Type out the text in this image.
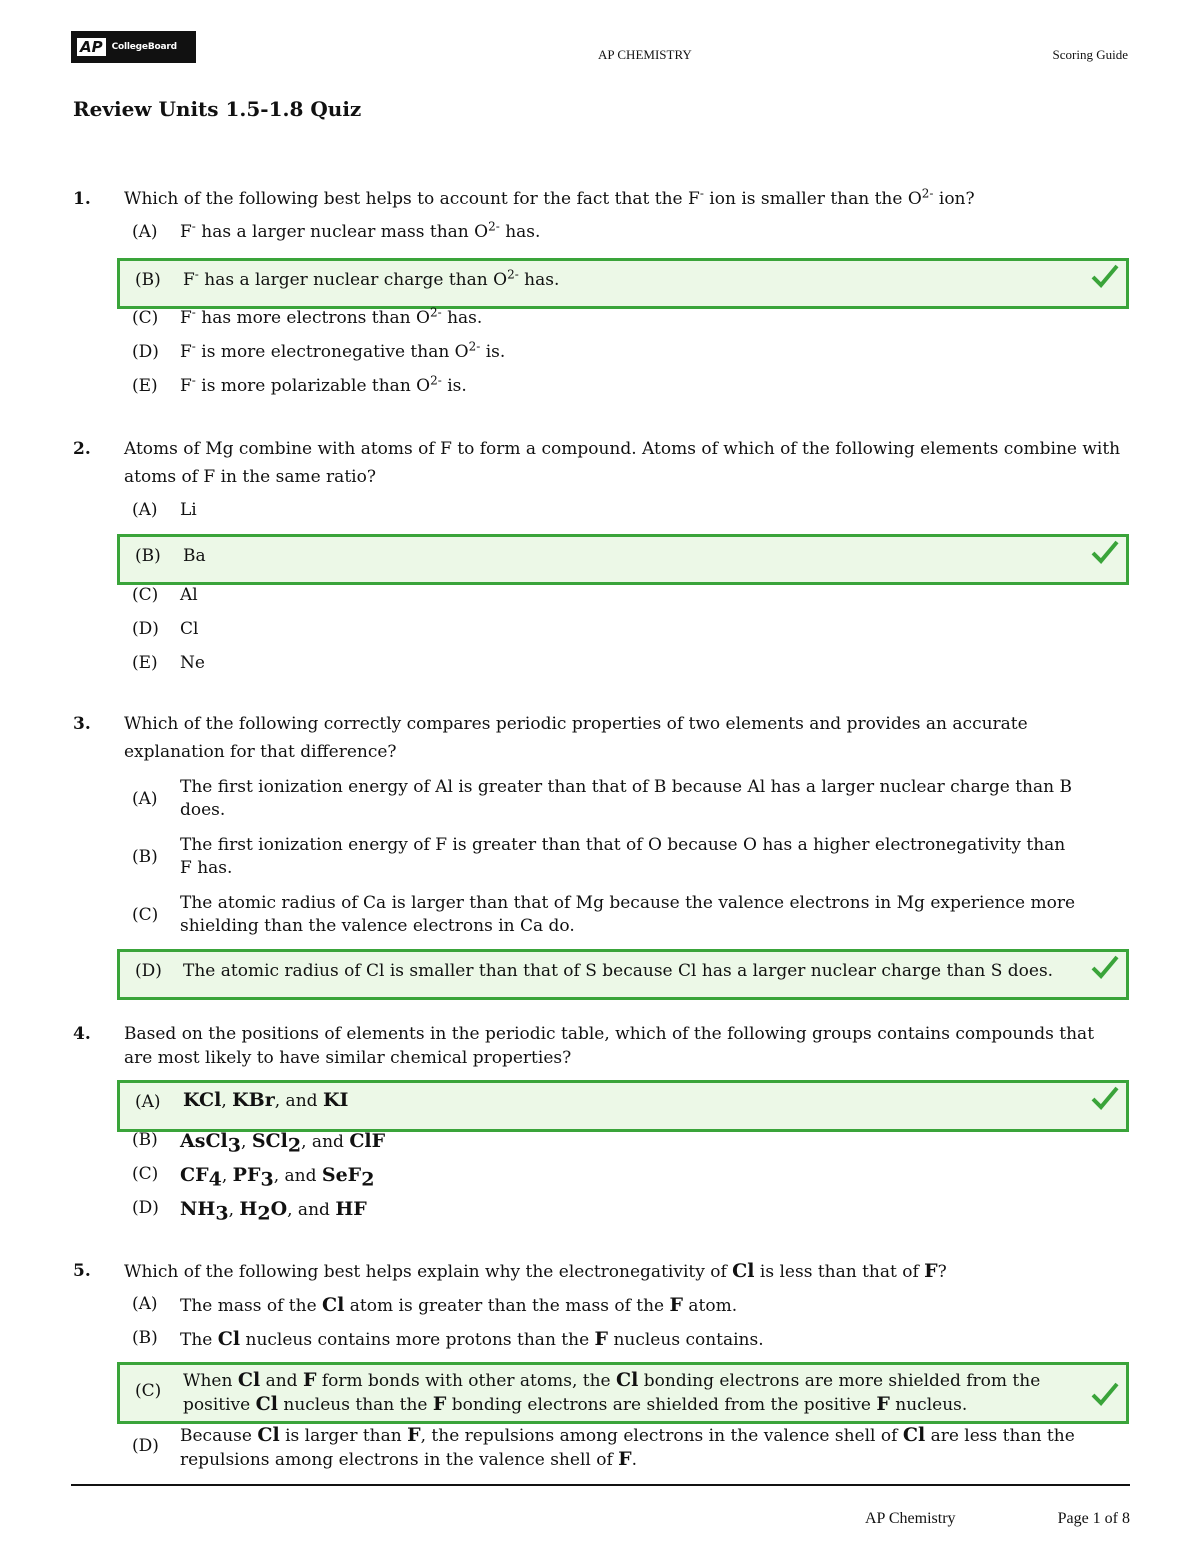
AP	CollegeBoard	AP CHEMISTRY	Scoring Guide
Review Units 1.5-1.8 Quiz
1.	Which of the following best helps to account for the fact that the F- ion is smaller than the $O^{2-}$ ion?
(A) F- has a larger nuclear mass than $O^{2-}$ has.
(B) F- has a larger nuclear charge than $O^{2-}$ has.
(C) F- has more electrons than $O^{2-}$ has.
(D) F- is more electronegative than $O^{2-}$ is.
(E) F- is more polarizable than $O^{2-}$ is.
2.	Atoms of Mg combine with atoms of F to form a compound. Atoms of which of the following elements combine with atoms of F in the same ratio?
(A) Li
(B) Ba
(C) Al
(D) Cl
(E) Ne
3.	Which of the following correctly compares periodic properties of two elements and provides an accurate explanation for that difference?
(A)
The first ionization energy of Al is greater than that of B because Al has a larger nuclear charge than B does.
(B)
The first ionization energy of F is greater than that of O because O has a higher electronegativity than F has.
(C)
The atomic radius of Ca is larger than that of Mg because the valence electrons in Mg experience more shielding than the valence electrons in Ca do.
(D) The atomic radius of Cl is smaller than that of S because Cl has a larger nuclear charge than S does.
4.	Based on the positions of elements in the periodic table, which of the following groups contains compounds that are most likely to have similar chemical properties?
(A) KCl, KBr, and KI
(B) AsCl$_3$, SCl$_2$, and ClF
(C) $CF_4$, $PF_3$, and SeF$_2$
(D) $NH_3$, $H_2O$, and HF
5.	Which of the following best helps explain why the electronegativity of Cl is less than that of F?
(A) The mass of the Cl atom is greater than the mass of the F atom.
(B) The Cl nucleus contains more protons than the F nucleus contains.
(C) When Cl and F form bonds with other atoms, the Cl bonding electrons are more shielded from the positive Cl nucleus than the F bonding electrons are shielded from the positive F nucleus.
(D) Because Cl is larger than F, the repulsions among electrons in the valence shell of Cl are less than the repulsions among electrons in the valence shell of F.
AP Chemistry	Page 1 of 8
